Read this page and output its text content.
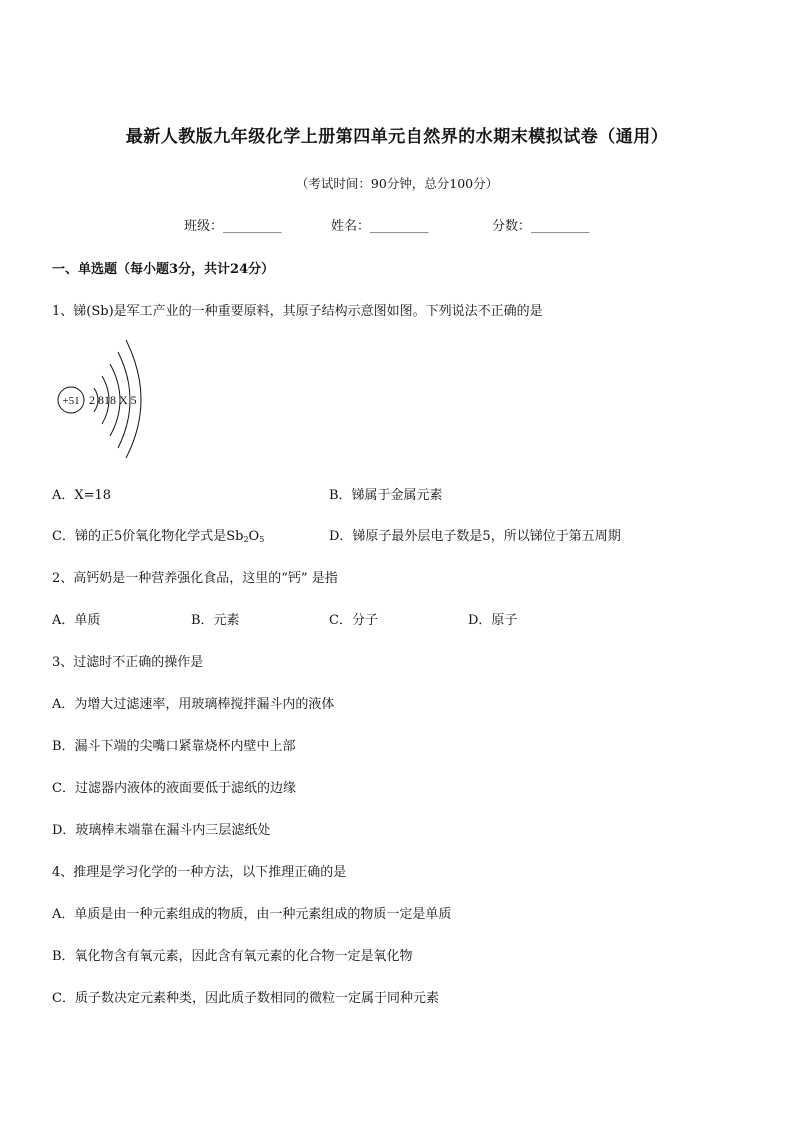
最新人教版九年级化学上册第四单元自然界的水期末模拟试卷（通用）
（考试时间：90分钟，总分100分）
班级：_________	姓名：_________	分数：_________
一、单选题（每小题3分，共计24分）
1、锑(Sb)是军工产业的一种重要原料，其原子结构示意图如图。下列说法不正确的是
+51 2 818 X 5
A．X=18	B．锑属于金属元素
C．锑的正5价氧化物化学式是$Sb_2O_5$	D．锑原子最外层电子数是5，所以锑位于第五周期
2、高钙奶是一种营养强化食品，这里的“钙” 是指
A．单质	B．元素	C．分子	D．原子
3、过滤时不正确的操作是
A．为增大过滤速率，用玻璃棒搅拌漏斗内的液体
B．漏斗下端的尖嘴口紧靠烧杯内壁中上部
C．过滤器内液体的液面要低于滤纸的边缘
D．玻璃棒末端靠在漏斗内三层滤纸处
4、推理是学习化学的一种方法，以下推理正确的是
A．单质是由一种元素组成的物质，由一种元素组成的物质一定是单质
B．氧化物含有氧元素，因此含有氧元素的化合物一定是氧化物
C．质子数决定元素种类，因此质子数相同的微粒一定属于同种元素
